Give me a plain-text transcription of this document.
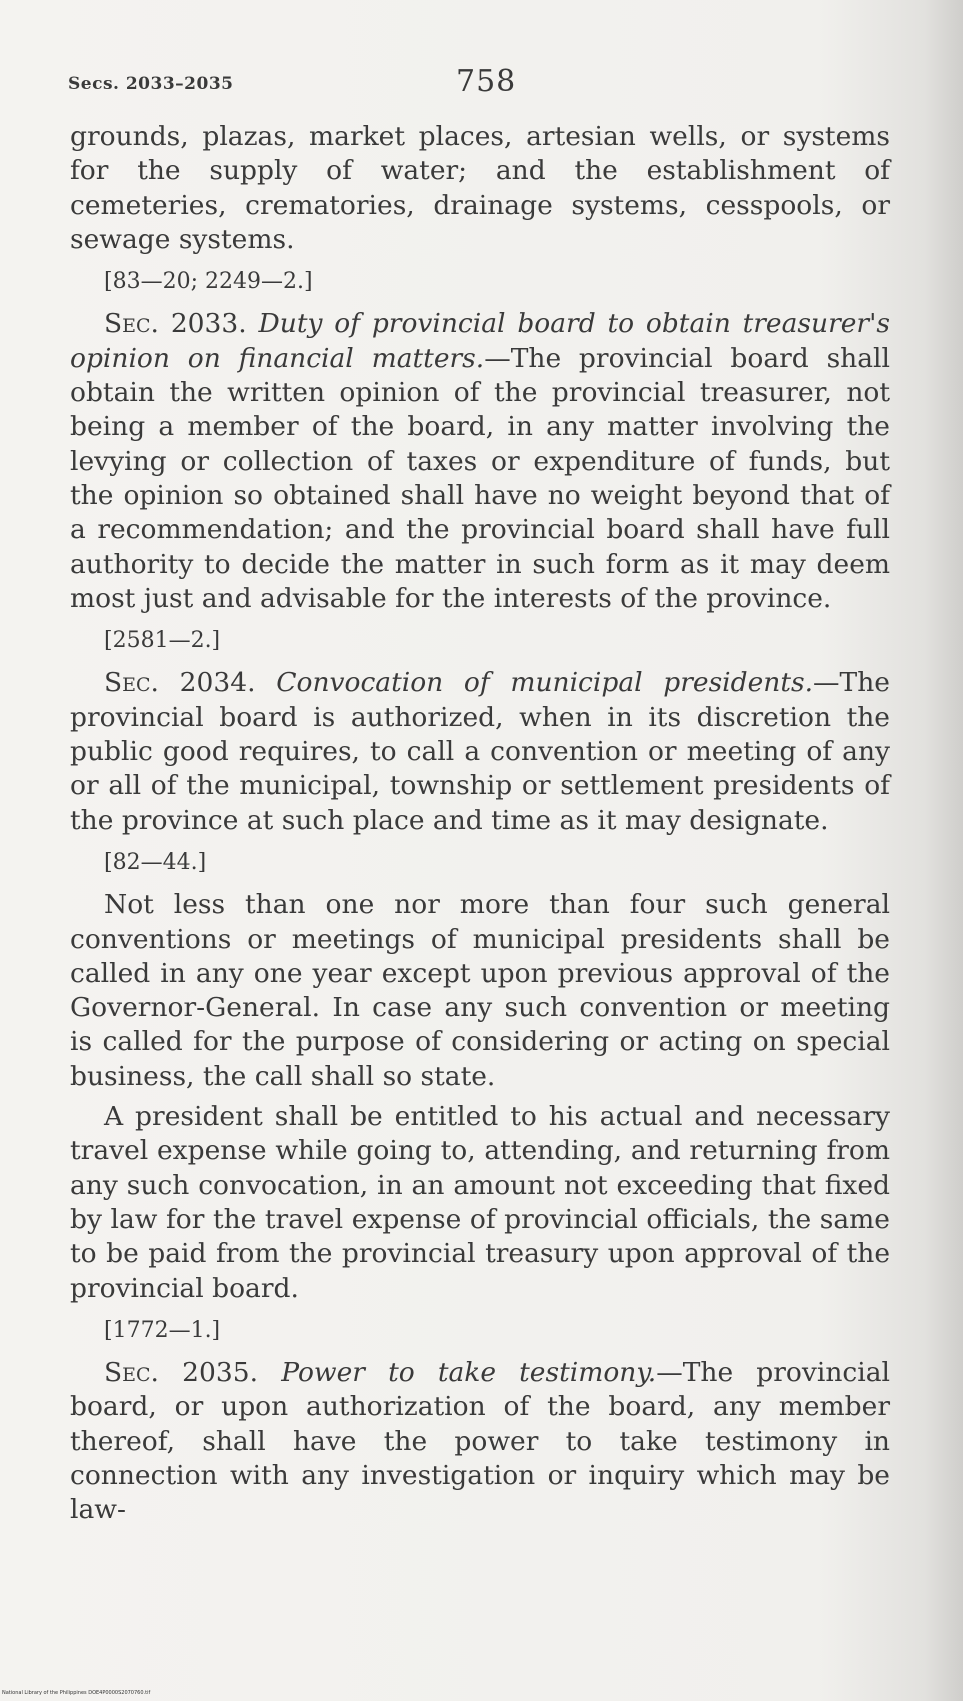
Secs. 2033–2035	758

grounds, plazas, market places, artesian wells, or systems for the supply of water; and the establishment of cemeteries, crematories, drainage systems, cesspools, or sewage systems.

[83—20; 2249—2.]

Sec. 2033. Duty of provincial board to obtain treasurer's opinion on financial matters.—The provincial board shall obtain the written opinion of the provincial treasurer, not being a member of the board, in any matter involving the levying or collection of taxes or expenditure of funds, but the opinion so obtained shall have no weight beyond that of a recommendation; and the provincial board shall have full authority to decide the matter in such form as it may deem most just and advisable for the interests of the province.

[2581—2.]

Sec. 2034. Convocation of municipal presidents.—The provincial board is authorized, when in its discretion the public good requires, to call a convention or meeting of any or all of the municipal, township or settlement presidents of the province at such place and time as it may designate.

[82—44.]

Not less than one nor more than four such general conventions or meetings of municipal presidents shall be called in any one year except upon previous approval of the Governor-General. In case any such convention or meeting is called for the purpose of considering or acting on special business, the call shall so state.

A president shall be entitled to his actual and necessary travel expense while going to, attending, and returning from any such convocation, in an amount not exceeding that fixed by law for the travel expense of provincial officials, the same to be paid from the provincial treasury upon approval of the provincial board.

[1772—1.]

Sec. 2035. Power to take testimony.—The provincial board, or upon authorization of the board, any member thereof, shall have the power to take testimony in connection with any investigation or inquiry which may be law-

National Library of the Philippines DOE4P0000S2070760.tif
